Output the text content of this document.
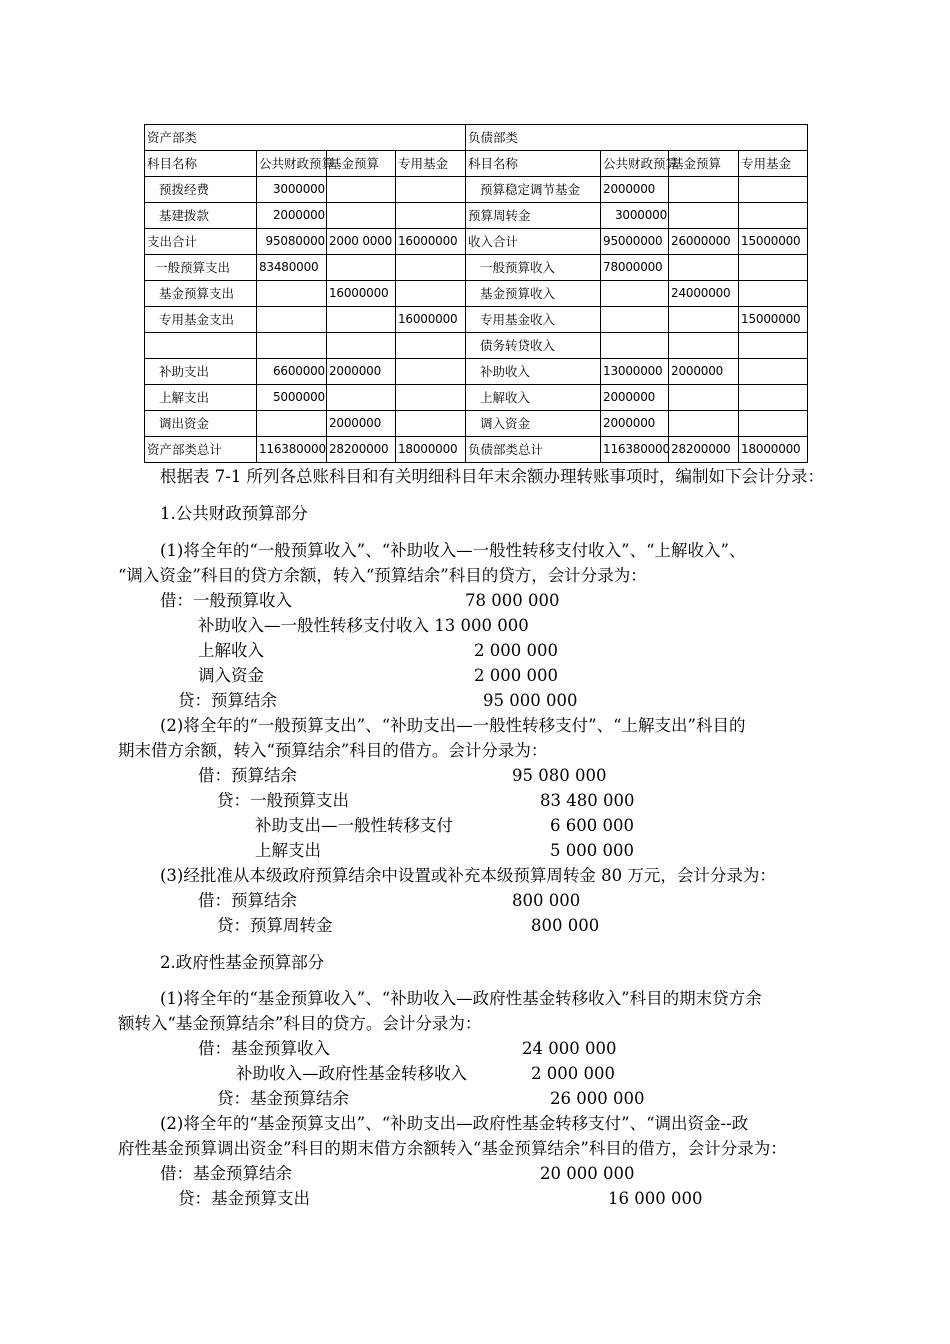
资产部类				负债部类			
科目名称	公共财政预算	基金预算	专用基金	科目名称	公共财政预算	基金预算	专用基金
预拨经费	3000000			预算稳定调节基金	2000000		
基建拨款	2000000			预算周转金	3000000		
支出合计	95080000	2000 0000	16000000	收入合计	95000000	26000000	15000000
一般预算支出	83480000			一般预算收入	78000000		
基金预算支出		16000000		基金预算收入		24000000	
专用基金支出			16000000	专用基金收入			15000000
				债务转贷收入			
补助支出	6600000	2000000		补助收入	13000000	2000000	
上解支出	5000000			上解收入	2000000		
调出资金		2000000		调入资金	2000000		
资产部类总计	116380000	28200000	18000000	负债部类总计	116380000	28200000	18000000
根据表 7-1 所列各总账科目和有关明细科目年末余额办理转账事项时，编制如下会计分录：
1.公共财政预算部分
(1)将全年的“一般预算收入”、“补助收入—一般性转移支付收入”、“上解收入”、
“调入资金”科目的贷方余额，转入“预算结余”科目的贷方，会计分录为：
借：一般预算收入	78 000 000
补助收入—一般性转移支付收入 13 000 000
上解收入	2 000 000
调入资金	2 000 000
贷：预算结余	95 000 000
(2)将全年的“一般预算支出”、“补助支出—一般性转移支付”、“上解支出”科目的
期末借方余额，转入“预算结余”科目的借方。会计分录为：
借：预算结余	95 080 000
贷：一般预算支出	83 480 000
补助支出—一般性转移支付	6 600 000
上解支出	5 000 000
(3)经批准从本级政府预算结余中设置或补充本级预算周转金 80 万元，会计分录为：
借：预算结余	800 000
贷：预算周转金	800 000
2.政府性基金预算部分
(1)将全年的“基金预算收入”、“补助收入—政府性基金转移收入”科目的期末贷方余
额转入“基金预算结余”科目的贷方。会计分录为：
借：基金预算收入	24 000 000
补助收入—政府性基金转移收入	2 000 000
贷：基金预算结余	26 000 000
(2)将全年的“基金预算支出”、“补助支出—政府性基金转移支付”、“调出资金--政
府性基金预算调出资金”科目的期末借方余额转入“基金预算结余”科目的借方，会计分录为：
借：基金预算结余	20 000 000
贷：基金预算支出	16 000 000
